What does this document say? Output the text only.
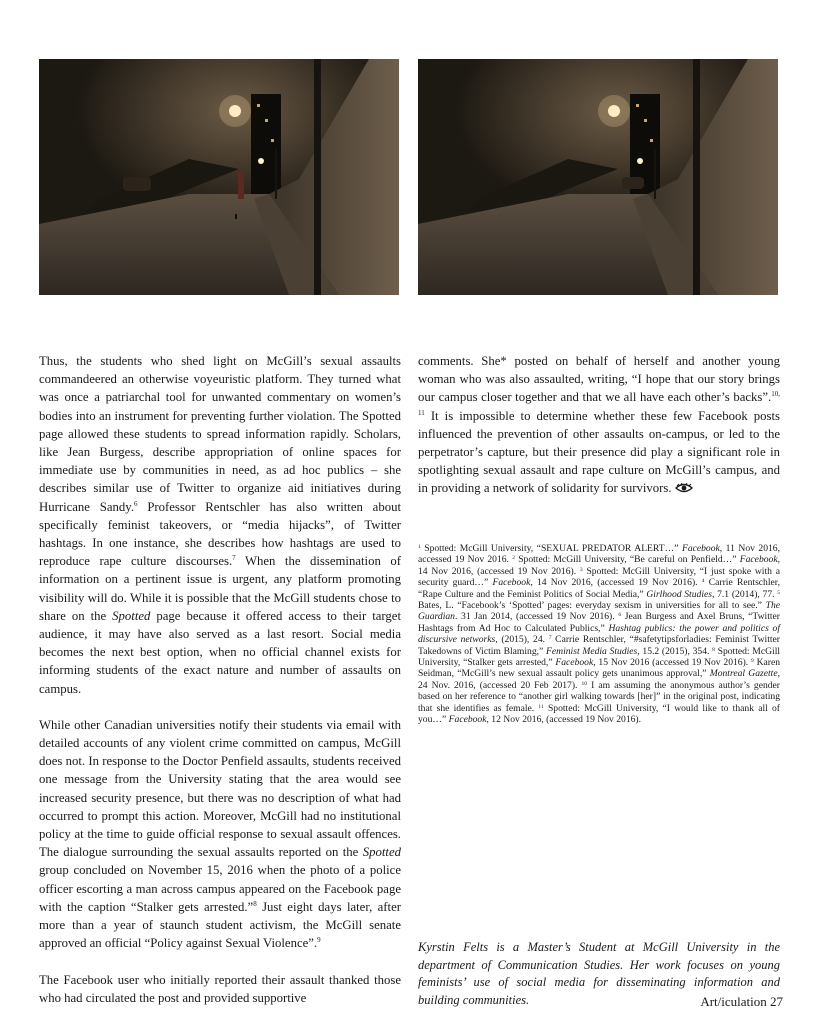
Thus, the students who shed light on McGill’s sexual assaults commandeered an otherwise voyeuristic platform. They turned what was once a patriarchal tool for unwanted commentary on women’s bodies into an instrument for preventing further violation. The Spotted page allowed these students to spread information rapidly. Scholars, like Jean Burgess, describe appropriation of online spaces for immediate use by communities in need, as ad hoc publics – she describes similar use of Twitter to organize aid initiatives during Hurricane Sandy.$^6$ Professor Rentschler has also written about specifically feminist takeovers, or “media hijacks”, of Twitter hashtags. In one instance, she describes how hashtags are used to reproduce rape culture discourses.$^7$ When the dissemination of information on a pertinent issue is urgent, any platform promoting visibility will do. While it is possible that the McGill students chose to share on the Spotted page because it offered access to their target audience, it may have also served as a last resort. Social media becomes the next best option, when no official channel exists for informing students of the exact nature and number of assaults on campus.

While other Canadian universities notify their students via email with detailed accounts of any violent crime committed on campus, McGill does not. In response to the Doctor Penfield assaults, students received one message from the University stating that the area would see increased security presence, but there was no description of what had occurred to prompt this action. Moreover, McGill had no institutional policy at the time to guide official response to sexual assault offences. The dialogue surrounding the sexual assaults reported on the Spotted group concluded on November 15, 2016 when the photo of a police officer escorting a man across campus appeared on the Facebook page with the caption “Stalker gets arrested.”$^8$ Just eight days later, after more than a year of staunch student activism, the McGill senate approved an official “Policy against Sexual Violence”.$^9$

The Facebook user who initially reported their assault thanked those who had circulated the post and provided supportive

comments. She* posted on behalf of herself and another young woman who was also assaulted, writing, “I hope that our story brings our campus closer together and that we all have each other’s backs”.$^{10, 11}$ It is impossible to determine whether these few Facebook posts influenced the prevention of other assaults on-campus, or led to the perpetrator’s capture, but their presence did play a significant role in spotlighting sexual assault and rape culture on McGill’s campus, and in providing a network of solidarity for survivors.

$^1$ Spotted: McGill University, “SEXUAL PREDATOR ALERT…” Facebook, 11 Nov 2016, accessed 19 Nov 2016. $^2$ Spotted: McGill University, “Be careful on Penfield…” Facebook, 14 Nov 2016, (accessed 19 Nov 2016). $^3$ Spotted: McGill University, “I just spoke with a security guard…” Facebook, 14 Nov 2016, (accessed 19 Nov 2016). $^4$ Carrie Rentschler, “Rape Culture and the Feminist Politics of Social Media,” Girlhood Studies, 7.1 (2014), 77. $^5$ Bates, L. “Facebook’s ‘Spotted’ pages: everyday sexism in universities for all to see.” The Guardian. 31 Jan 2014, (accessed 19 Nov 2016). $^6$ Jean Burgess and Axel Bruns, “Twitter Hashtags from Ad Hoc to Calculated Publics,” Hashtag publics: the power and politics of discursive networks, (2015), 24. $^7$ Carrie Rentschler, “#safetytipsforladies: Feminist Twitter Takedowns of Victim Blaming,” Feminist Media Studies, 15.2 (2015), 354. $^8$ Spotted: McGill University, “Stalker gets arrested,” Facebook, 15 Nov 2016 (accessed 19 Nov 2016). $^9$ Karen Seidman, “McGill’s new sexual assault policy gets unanimous approval,” Montreal Gazette, 24 Nov. 2016, (accessed 20 Feb 2017). $^{10}$ I am assuming the anonymous author’s gender based on her reference to “another girl walking towards [her]” in the original post, indicating that she identifies as female. $^{11}$ Spotted: McGill University, “I would like to thank all of you…” Facebook, 12 Nov 2016, (accessed 19 Nov 2016).
Kyrstin Felts is a Master’s Student at McGill University in the department of Communication Studies. Her work focuses on young feminists’ use of social media for disseminating information and building communities.	Art/iculation 27
